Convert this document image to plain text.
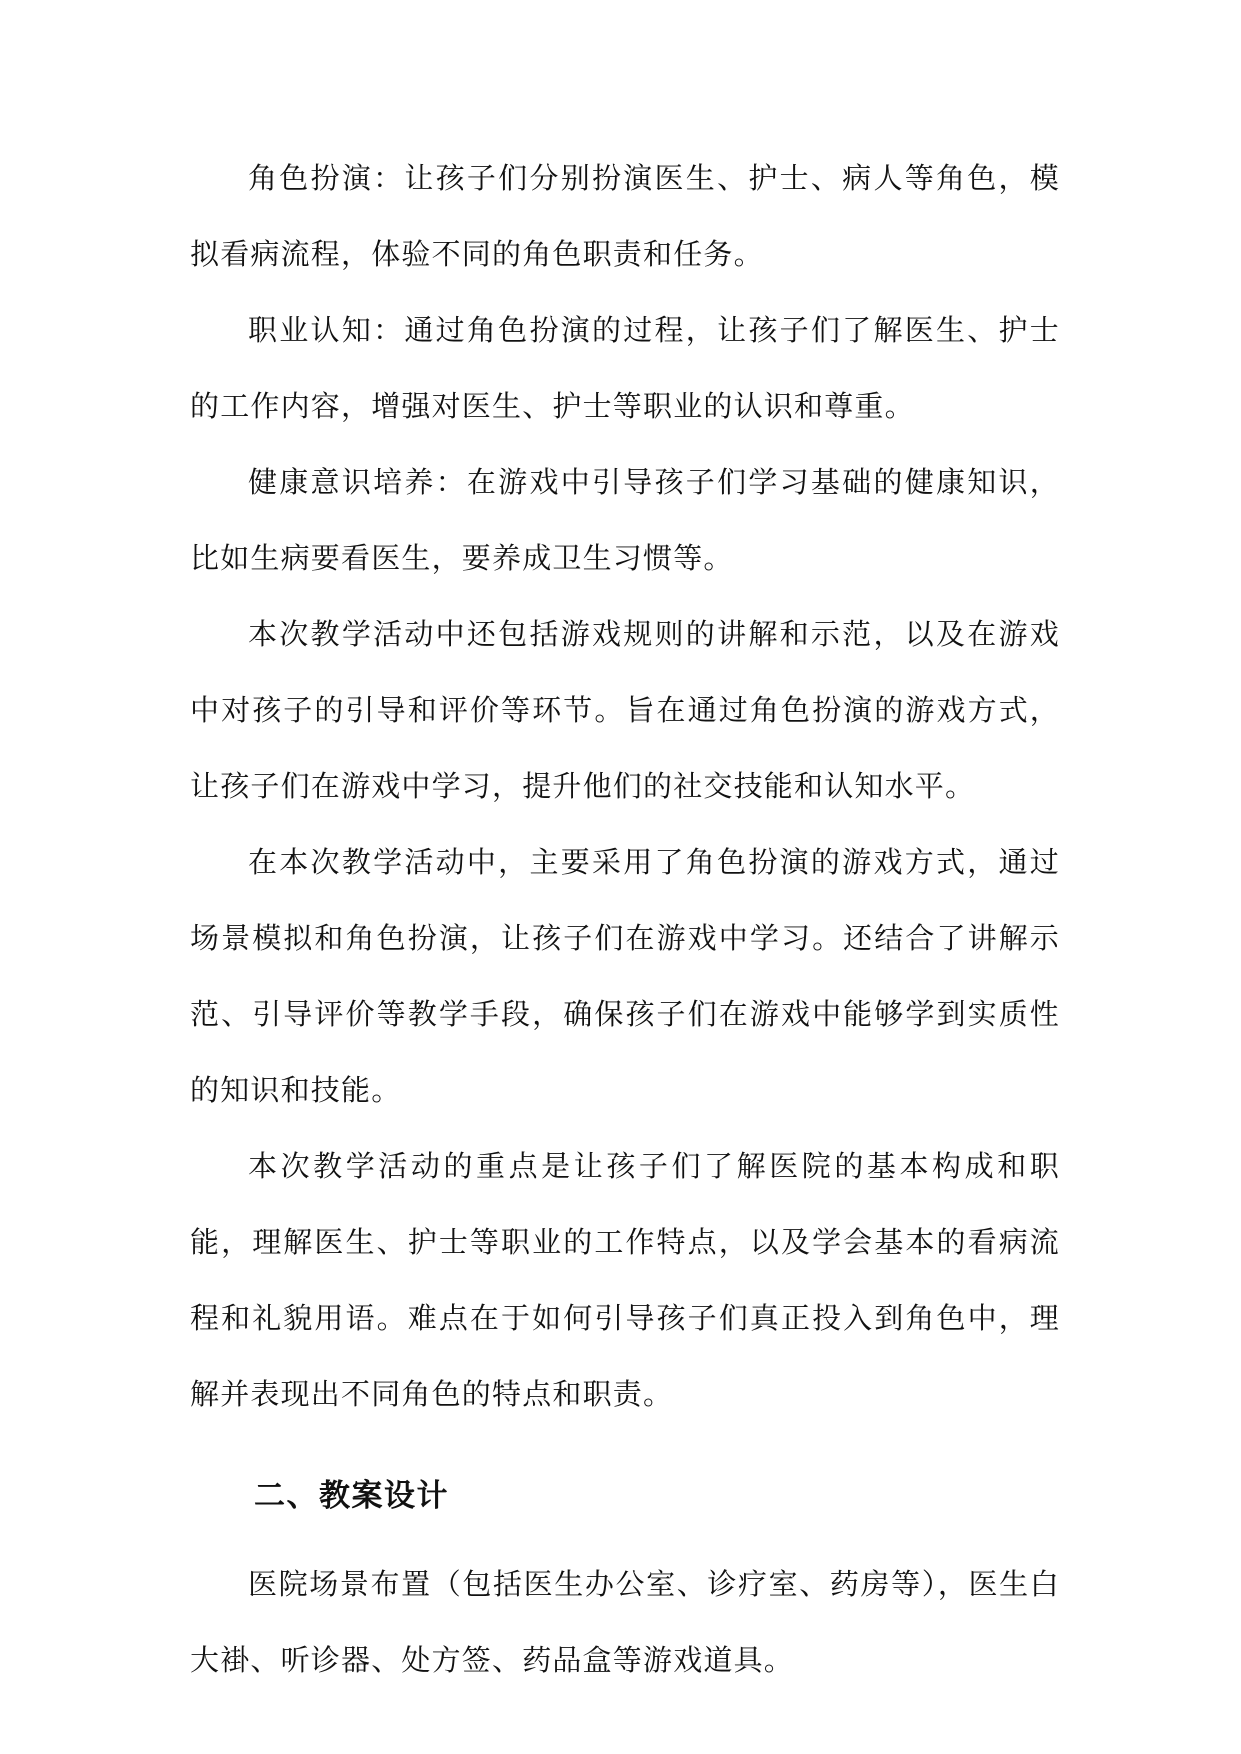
角色扮演：让孩子们分别扮演医生、护士、病人等角色，模拟看病流程，体验不同的角色职责和任务。

职业认知：通过角色扮演的过程，让孩子们了解医生、护士的工作内容，增强对医生、护士等职业的认识和尊重。

健康意识培养：在游戏中引导孩子们学习基础的健康知识，比如生病要看医生，要养成卫生习惯等。

本次教学活动中还包括游戏规则的讲解和示范，以及在游戏中对孩子的引导和评价等环节。旨在通过角色扮演的游戏方式，让孩子们在游戏中学习，提升他们的社交技能和认知水平。

在本次教学活动中，主要采用了角色扮演的游戏方式，通过场景模拟和角色扮演，让孩子们在游戏中学习。还结合了讲解示范、引导评价等教学手段，确保孩子们在游戏中能够学到实质性的知识和技能。

本次教学活动的重点是让孩子们了解医院的基本构成和职能，理解医生、护士等职业的工作特点，以及学会基本的看病流程和礼貌用语。难点在于如何引导孩子们真正投入到角色中，理解并表现出不同角色的特点和职责。

二、教案设计

医院场景布置（包括医生办公室、诊疗室、药房等），医生白大褂、听诊器、处方签、药品盒等游戏道具。
